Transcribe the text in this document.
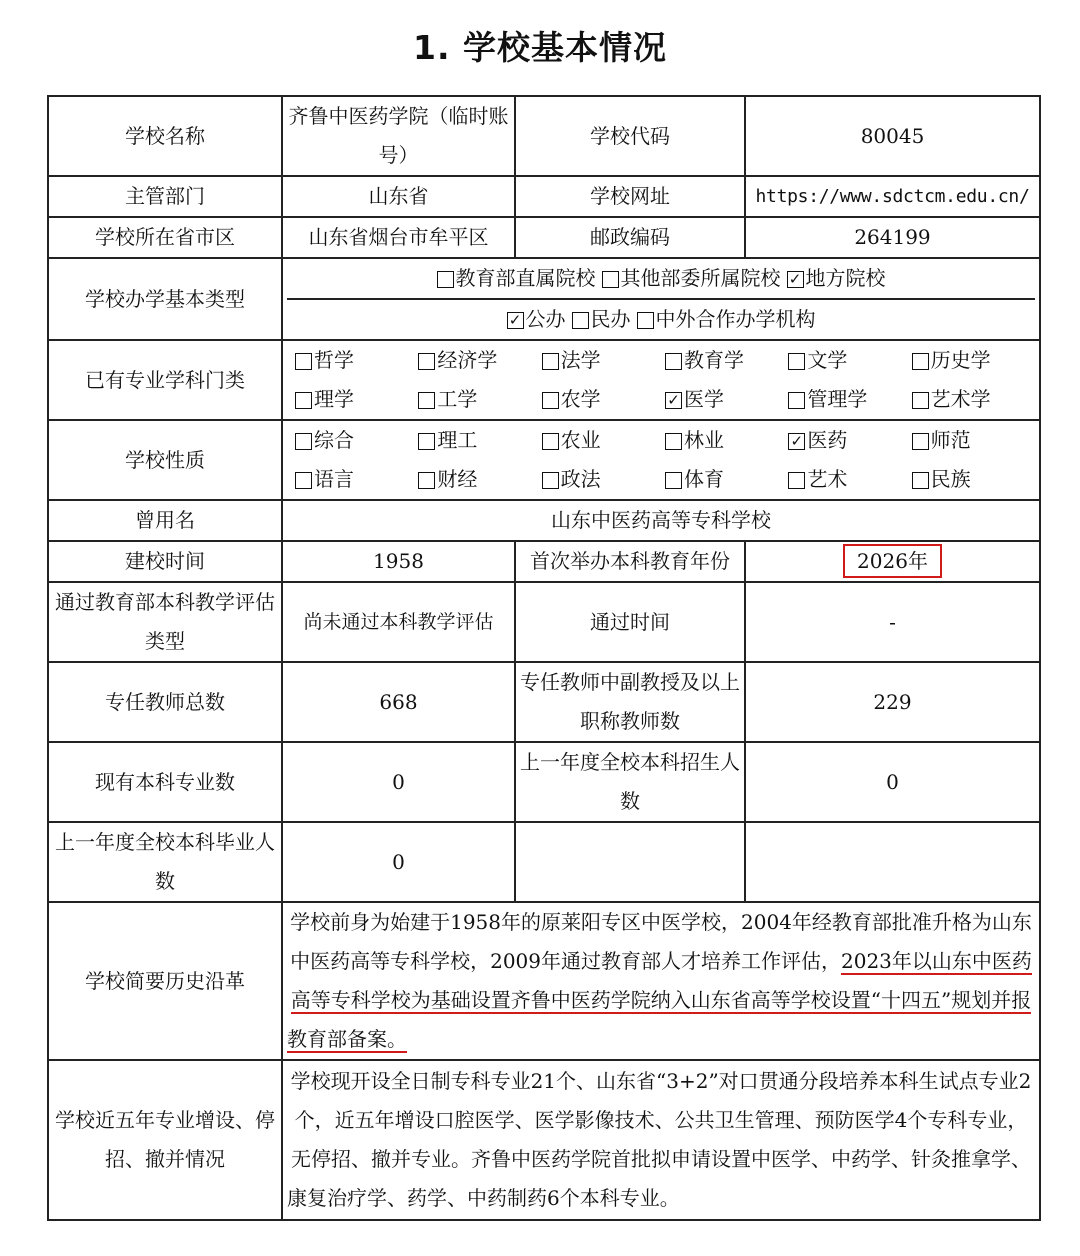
1. 学校基本情况
学校名称	齐鲁中医药学院（临时账号）	学校代码	80045
主管部门	山东省	学校网址	https://www.sdctcm.edu.cn/
学校所在省市区	山东省烟台市牟平区	邮政编码	264199
学校办学基本类型	
教育部直属院校 其他部委所属院校 ✓ 地方院校

✓ 公办 民办 中外合作办学机构

已有专业学科门类	
哲学	经济学	法学	教育学	文学	历史学
理学	工学	农学	✓ 医学	管理学	艺术学

学校性质	
综合	理工	农业	林业	✓ 医药	师范
语言	财经	政法	体育	艺术	民族

曾用名	山东中医药高等专科学校
建校时间	1958	首次举办本科教育年份	2026年
通过教育部本科教学评估类型	尚未通过本科教学评估	通过时间	-
专任教师总数	668	专任教师中副教授及以上职称教师数	229
现有本科专业数	0	上一年度全校本科招生人数	0
上一年度全校本科毕业人数	0		
学校简要历史沿革	学校前身为始建于1958年的原莱阳专区中医学校，2004年经教育部批准升格为山东中医药高等专科学校，2009年通过教育部人才培养工作评估，2023年以山东中医药高等专科学校为基础设置齐鲁中医药学院纳入山东省高等学校设置“十四五”规划并报教育部备案。
学校近五年专业增设、停招、撤并情况	学校现开设全日制专科专业21个、山东省“3+2”对口贯通分段培养本科生试点专业2个，近五年增设口腔医学、医学影像技术、公共卫生管理、预防医学4个专科专业，无停招、撤并专业。齐鲁中医药学院首批拟申请设置中医学、中药学、针灸推拿学、康复治疗学、药学、中药制药6个本科专业。
